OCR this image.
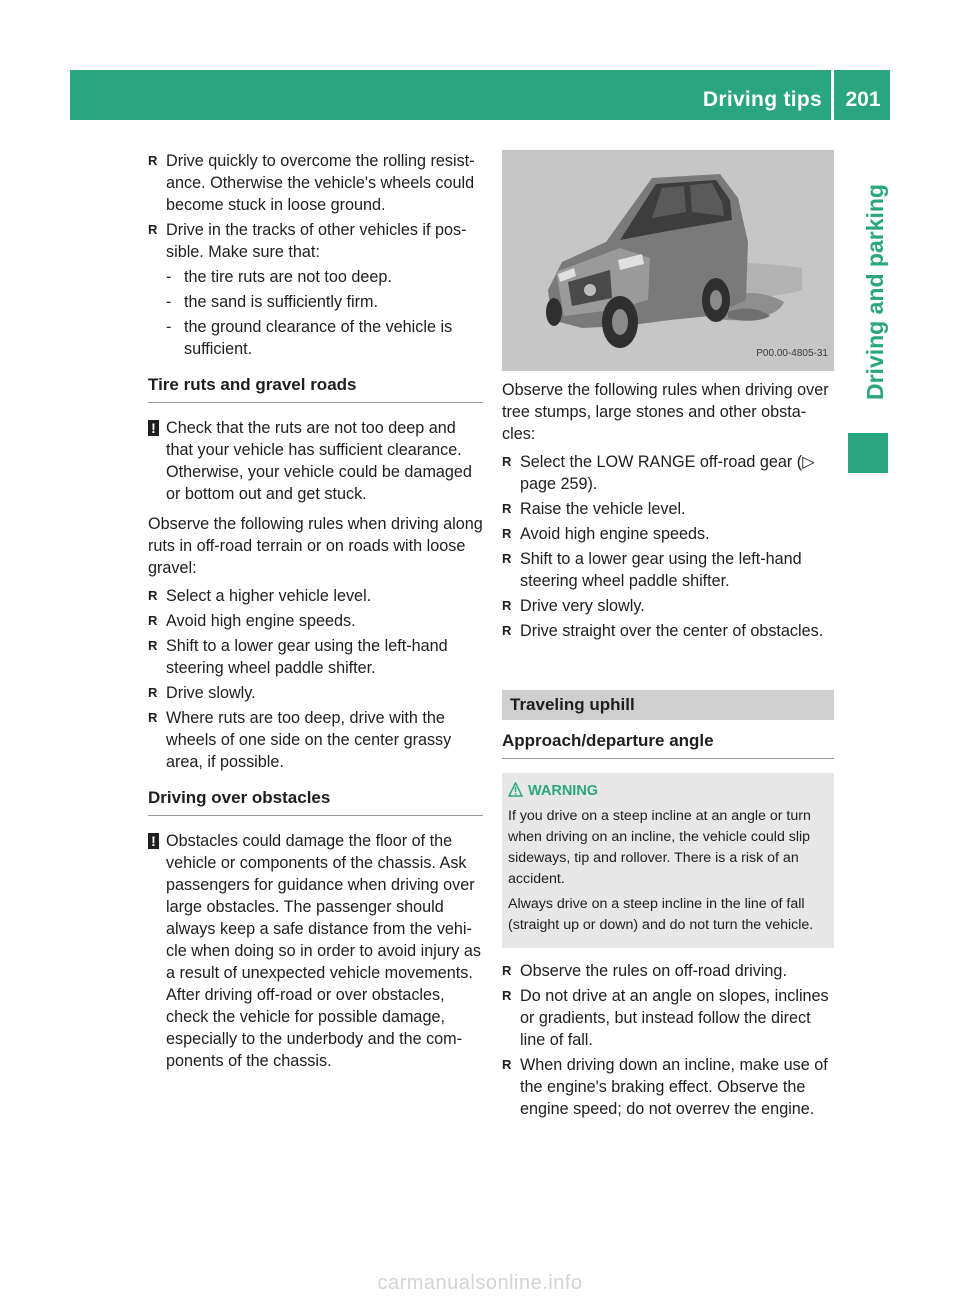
Driving tips	201
Driving and parking

R Drive quickly to overcome the rolling resistance. Otherwise the vehicle's wheels could become stuck in loose ground.

R Drive in the tracks of other vehicles if possible. Make sure that:

- the tire ruts are not too deep.

- the sand is sufficiently firm.

- the ground clearance of the vehicle is sufficient.

Tire ruts and gravel roads
! Check that the ruts are not too deep and that your vehicle has sufficient clearance. Otherwise, your vehicle could be damaged or bottom out and get stuck.

Observe the following rules when driving along ruts in off-road terrain or on roads with loose gravel:

R Select a higher vehicle level.

R Avoid high engine speeds.

R Shift to a lower gear using the left-hand steering wheel paddle shifter.

R Drive slowly.

R Where ruts are too deep, drive with the wheels of one side on the center grassy area, if possible.

Driving over obstacles
! Obstacles could damage the floor of the vehicle or components of the chassis. Ask passengers for guidance when driving over large obstacles. The passenger should always keep a safe distance from the vehicle when doing so in order to avoid injury as a result of unexpected vehicle movements. After driving off-road or over obstacles, check the vehicle for possible damage, especially to the underbody and the components of the chassis.
P00.00-4805-31

Observe the following rules when driving over tree stumps, large stones and other obstacles:

R Select the LOW RANGE off-road gear (▷ page 259).

R Raise the vehicle level.

R Avoid high engine speeds.

R Shift to a lower gear using the left-hand steering wheel paddle shifter.

R Drive very slowly.

R Drive straight over the center of obstacles.

Traveling uphill
Approach/departure angle
WARNING

If you drive on a steep incline at an angle or turn when driving on an incline, the vehicle could slip sideways, tip and rollover. There is a risk of an accident.

Always drive on a steep incline in the line of fall (straight up or down) and do not turn the vehicle.

R Observe the rules on off-road driving.

R Do not drive at an angle on slopes, inclines or gradients, but instead follow the direct line of fall.

R When driving down an incline, make use of the engine's braking effect. Observe the engine speed; do not overrev the engine.

carmanualsonline.info
